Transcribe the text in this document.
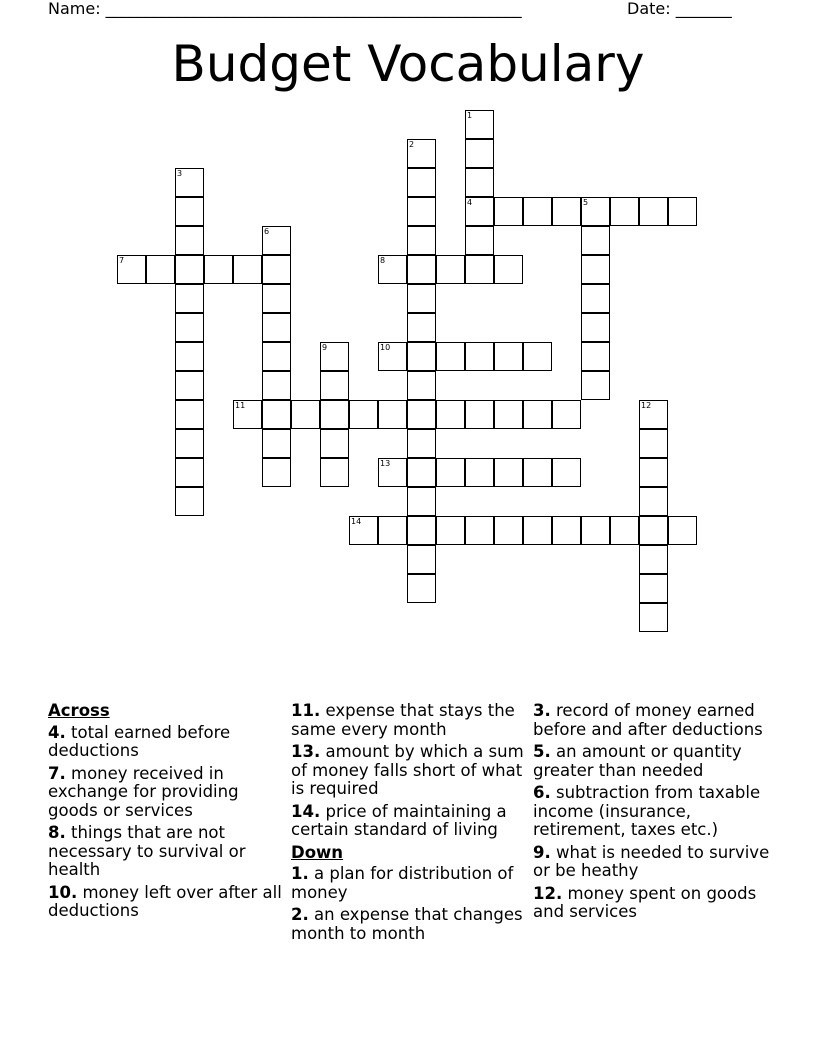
Name: ____________________________________________________	Date: _______
Budget Vocabulary
1
4
2
3
5
6
7	8
9	10
11	12
13
14
Across
4. total earned before deductions
7. money received in exchange for providing goods or services
8. things that are not necessary to survival or health
10. money left over after all deductions
11. expense that stays the same every month
13. amount by which a sum of money falls short of what is required
14. price of maintaining a certain standard of living
Down
1. a plan for distribution of money
2. an expense that changes month to month
3. record of money earned before and after deductions
5. an amount or quantity greater than needed
6. subtraction from taxable income (insurance, retirement, taxes etc.)
9. what is needed to survive or be heathy
12. money spent on goods and services
